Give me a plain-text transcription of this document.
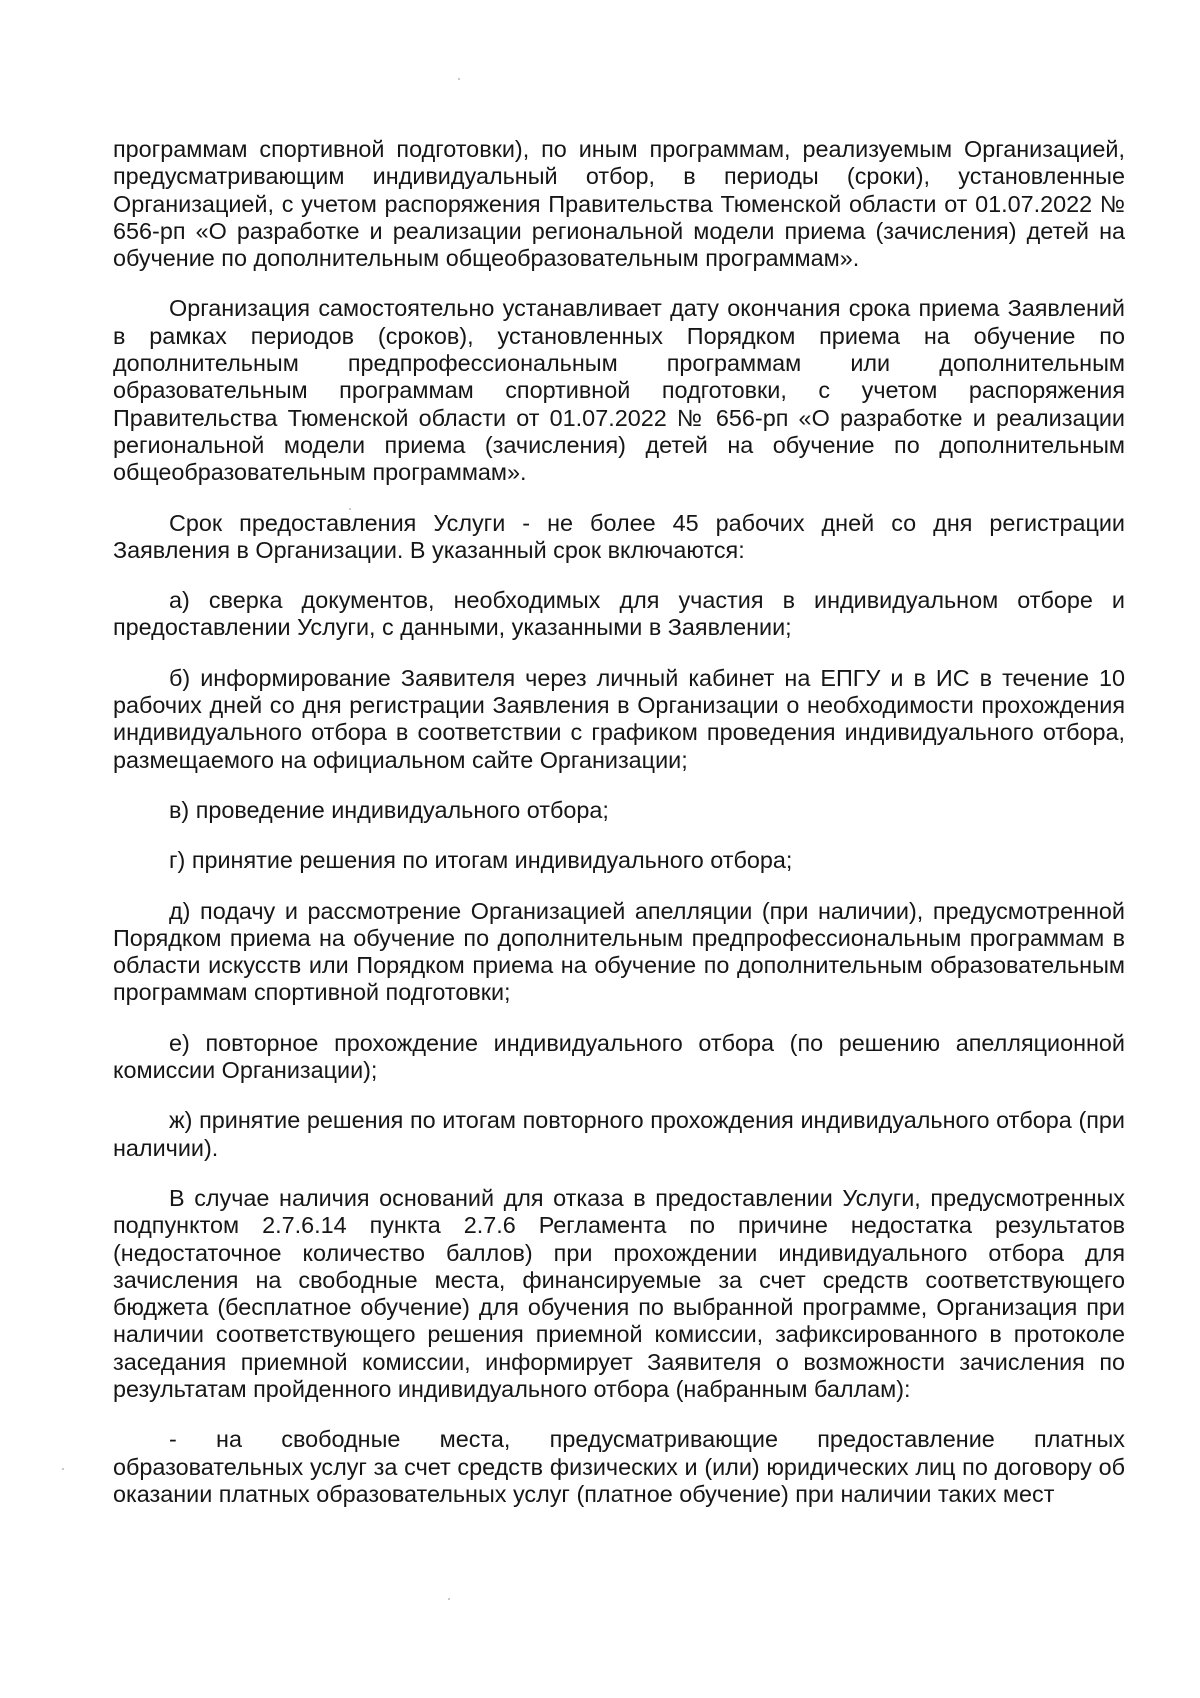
программам спортивной подготовки), по иным программам, реализуемым Организацией, предусматривающим индивидуальный отбор, в периоды (сроки), установленные Организацией, с учетом распоряжения Правительства Тюменской области от 01.07.2022 № 656-рп «О разработке и реализации региональной модели приема (зачисления) детей на обучение по дополнительным общеобразовательным программам».

Организация самостоятельно устанавливает дату окончания срока приема Заявлений в рамках периодов (сроков), установленных Порядком приема на обучение по дополнительным предпрофессиональным программам или дополнительным образовательным программам спортивной подготовки, с учетом распоряжения Правительства Тюменской области от 01.07.2022 № 656-рп «О разработке и реализации региональной модели приема (зачисления) детей на обучение по дополнительным общеобразовательным программам».

Срок предоставления Услуги - не более 45 рабочих дней со дня регистрации Заявления в Организации. В указанный срок включаются:

а) сверка документов, необходимых для участия в индивидуальном отборе и предоставлении Услуги, с данными, указанными в Заявлении;

б) информирование Заявителя через личный кабинет на ЕПГУ и в ИС в течение 10 рабочих дней со дня регистрации Заявления в Организации о необходимости прохождения индивидуального отбора в соответствии с графиком проведения индивидуального отбора, размещаемого на официальном сайте Организации;

в) проведение индивидуального отбора;

г) принятие решения по итогам индивидуального отбора;

д) подачу и рассмотрение Организацией апелляции (при наличии), предусмотренной Порядком приема на обучение по дополнительным предпрофессиональным программам в области искусств или Порядком приема на обучение по дополнительным образовательным программам спортивной подготовки;

е) повторное прохождение индивидуального отбора (по решению апелляционной комиссии Организации);

ж) принятие решения по итогам повторного прохождения индивидуального отбора (при наличии).

В случае наличия оснований для отказа в предоставлении Услуги, предусмотренных подпунктом 2.7.6.14 пункта 2.7.6 Регламента по причине недостатка результатов (недостаточное количество баллов) при прохождении индивидуального отбора для зачисления на свободные места, финансируемые за счет средств соответствующего бюджета (бесплатное обучение) для обучения по выбранной программе, Организация при наличии соответствующего решения приемной комиссии, зафиксированного в протоколе заседания приемной комиссии, информирует Заявителя о возможности зачисления по результатам пройденного индивидуального отбора (набранным баллам):

- на свободные места, предусматривающие предоставление платных образовательных услуг за счет средств физических и (или) юридических лиц по договору об оказании платных образовательных услуг (платное обучение) при наличии таких мест
